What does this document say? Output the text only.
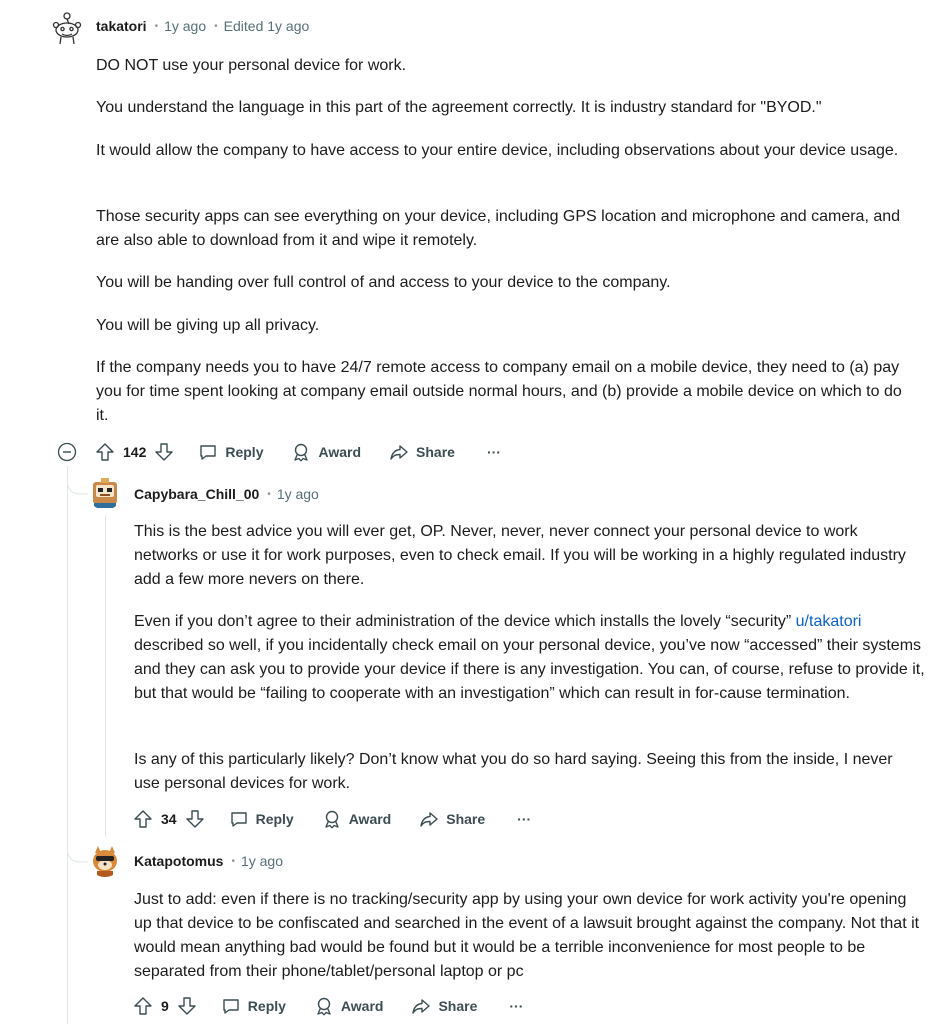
takatori • 1y ago • Edited 1y ago

DO NOT use your personal device for work.

You understand the language in this part of the agreement correctly. It is industry standard for "BYOD."

It would allow the company to have access to your entire device, including observations about your device usage.

Those security apps can see everything on your device, including GPS location and microphone and camera, and are also able to download from it and wipe it remotely.

You will be handing over full control of and access to your device to the company.

You will be giving up all privacy.

If the company needs you to have 24/7 remote access to company email on a mobile device, they need to (a) pay you for time spent looking at company email outside normal hours, and (b) provide a mobile device on which to do it.

142	Reply	Award	Share ···
Capybara_Chill_00 • 1y ago

This is the best advice you will ever get, OP. Never, never, never connect your personal device to work networks or use it for work purposes, even to check email. If you will be working in a highly regulated industry add a few more nevers on there.

Even if you don’t agree to their administration of the device which installs the lovely “security” u/takatori described so well, if you incidentally check email on your personal device, you’ve now “accessed” their systems and they can ask you to provide your device if there is any investigation. You can, of course, refuse to provide it, but that would be “failing to cooperate with an investigation” which can result in for-cause termination.

Is any of this particularly likely? Don’t know what you do so hard saying. Seeing this from the inside, I never use personal devices for work.

34	Reply	Award	Share ···
Katapotomus • 1y ago

Just to add: even if there is no tracking/security app by using your own device for work activity you're opening up that device to be confiscated and searched in the event of a lawsuit brought against the company. Not that it would mean anything bad would be found but it would be a terrible inconvenience for most people to be separated from their phone/tablet/personal laptop or pc

9	Reply	Award	Share ···
